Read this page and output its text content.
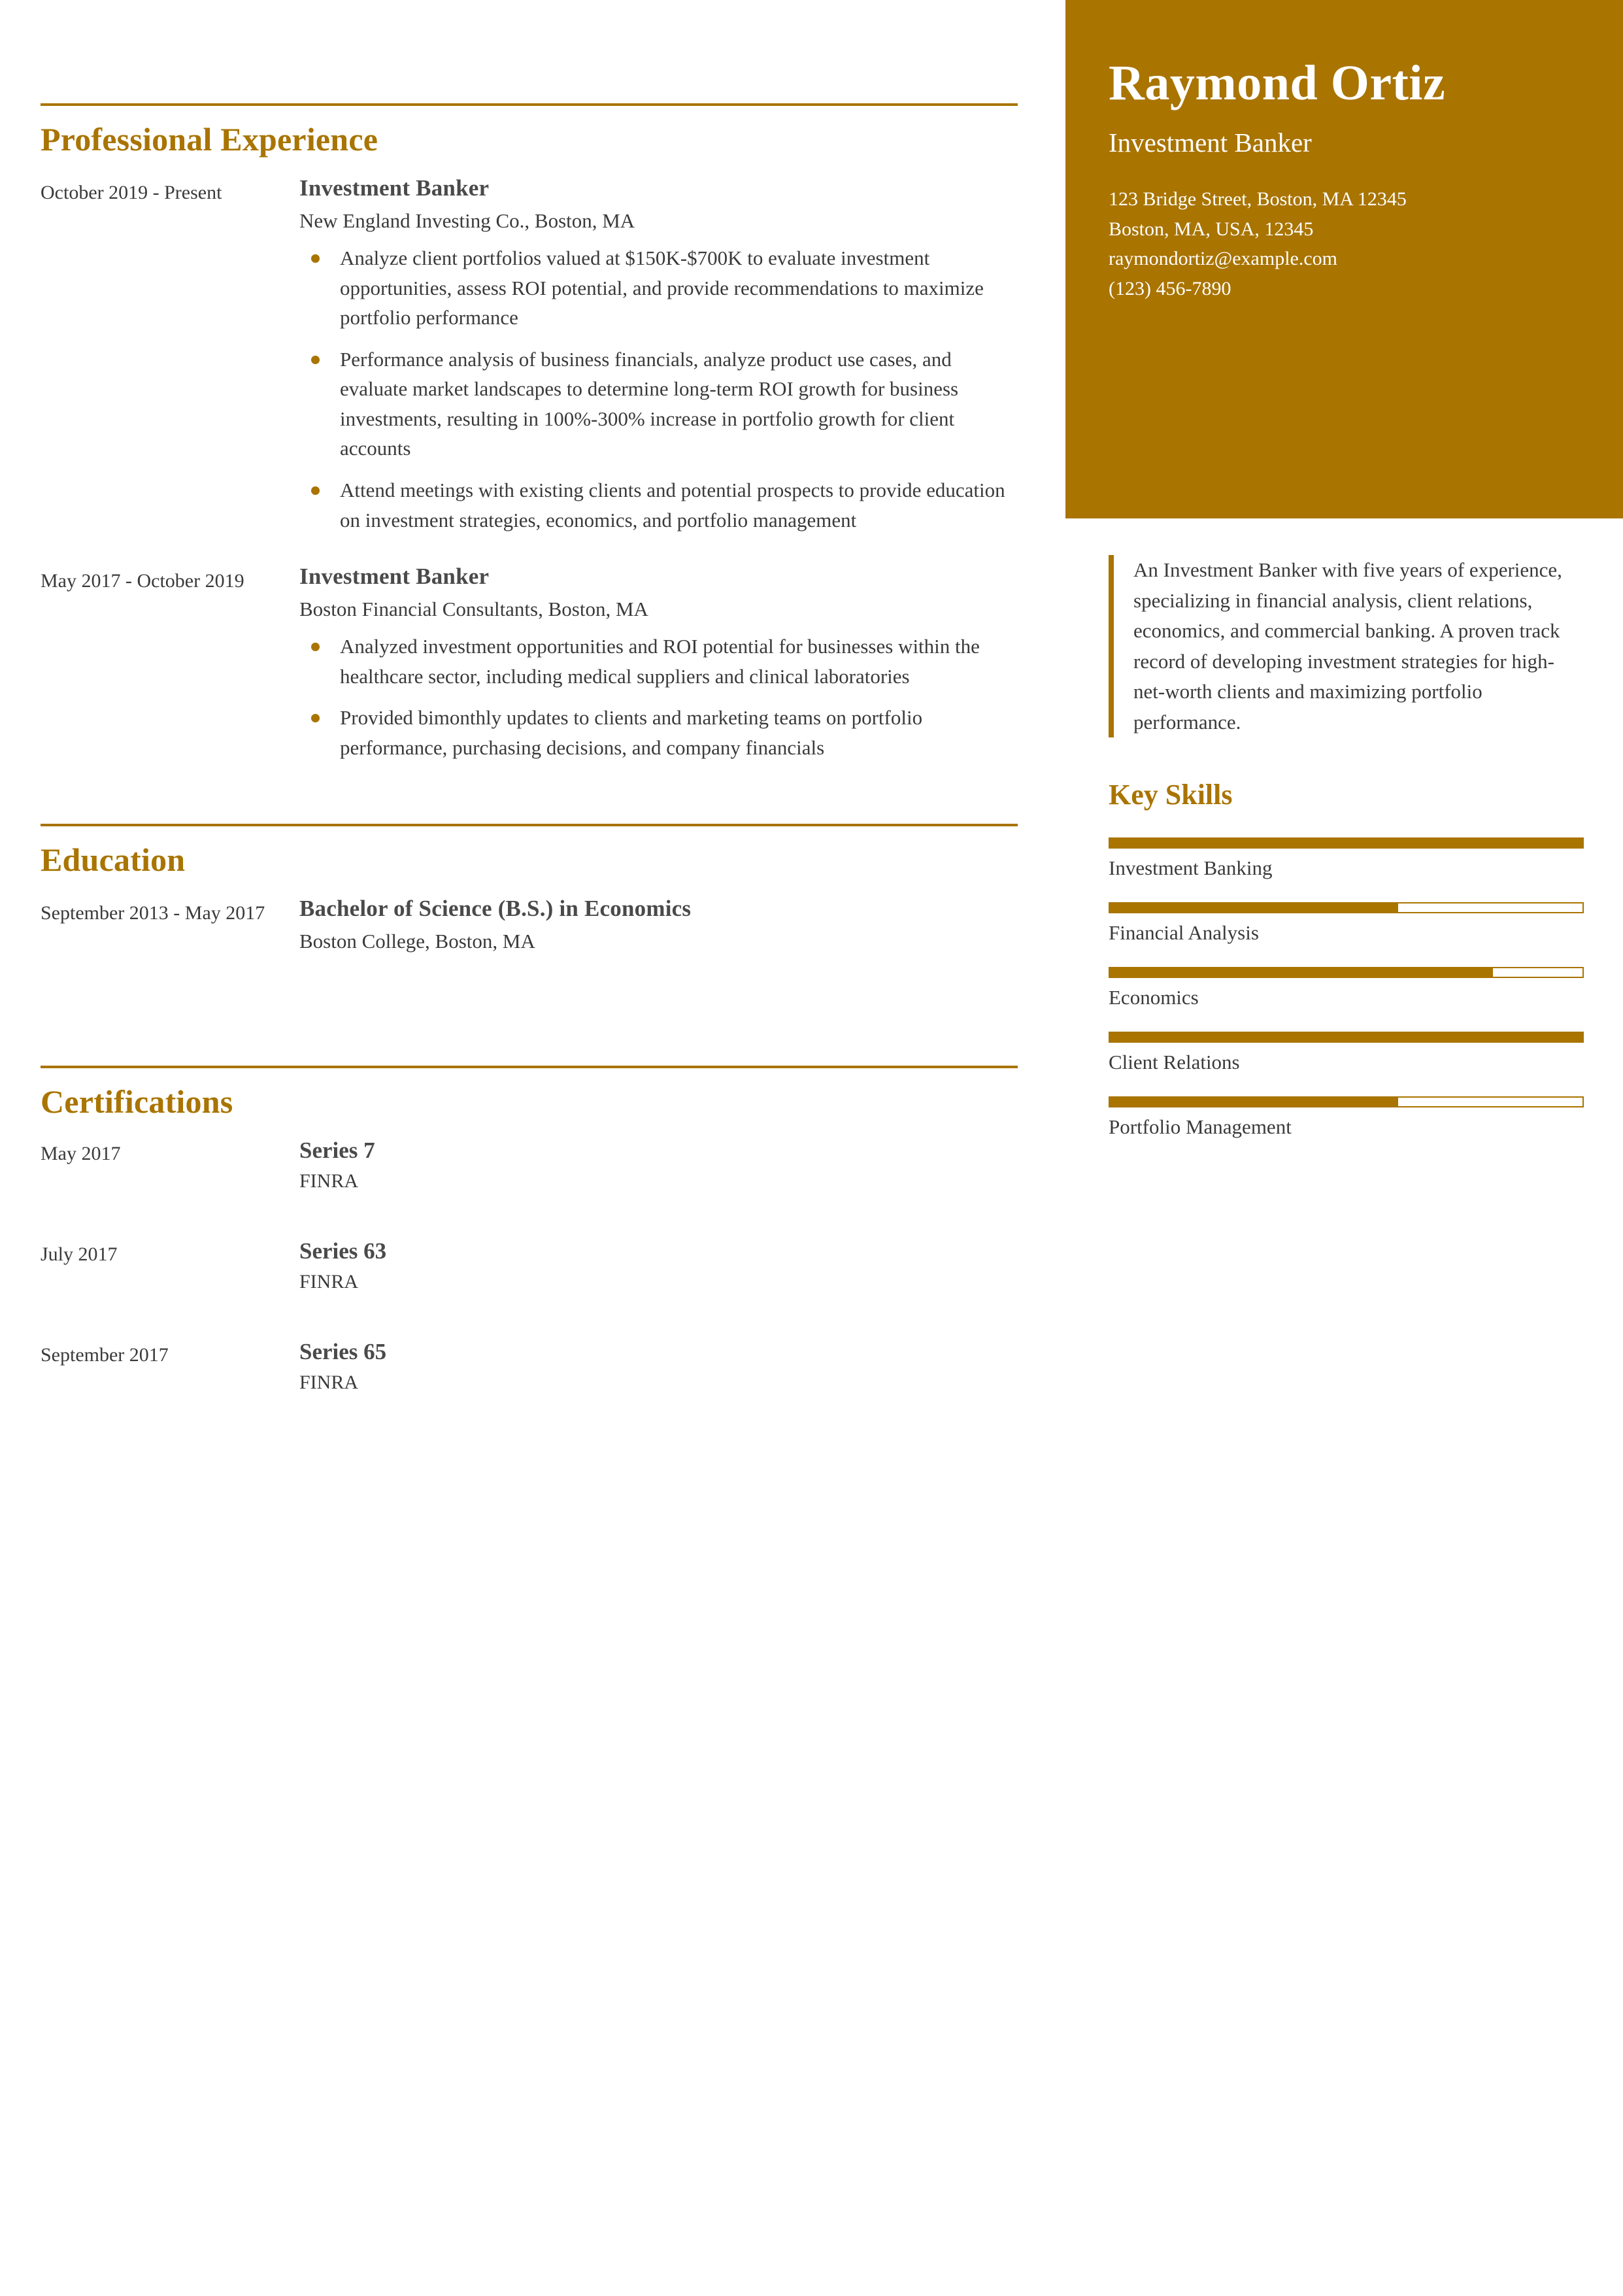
Professional Experience
October 2019 - Present	Investment Banker
New England Investing Co., Boston, MA
Analyze client portfolios valued at $150K-$700K to evaluate investment opportunities, assess ROI potential, and provide recommendations to maximize portfolio performance
Performance analysis of business financials, analyze product use cases, and evaluate market landscapes to determine long-term ROI growth for business investments, resulting in 100%-300% increase in portfolio growth for client accounts
Attend meetings with existing clients and potential prospects to provide education on investment strategies, economics, and portfolio management
May 2017 - October 2019	Investment Banker
Boston Financial Consultants, Boston, MA
Analyzed investment opportunities and ROI potential for businesses within the healthcare sector, including medical suppliers and clinical laboratories
Provided bimonthly updates to clients and marketing teams on portfolio performance, purchasing decisions, and company financials
Education
September 2013 - May 2017	Bachelor of Science (B.S.) in Economics
Boston College, Boston, MA
Certifications
May 2017	Series 7
FINRA
July 2017	Series 63
FINRA
September 2017	Series 65
FINRA
Raymond Ortiz
Investment Banker
123 Bridge Street, Boston, MA 12345
Boston, MA, USA, 12345
raymondortiz@example.com
(123) 456-7890
An Investment Banker with five years of experience, specializing in financial analysis, client relations, economics, and commercial banking. A proven track record of developing investment strategies for high-net-worth clients and maximizing portfolio performance.
Key Skills
Investment Banking
Financial Analysis
Economics
Client Relations
Portfolio Management
